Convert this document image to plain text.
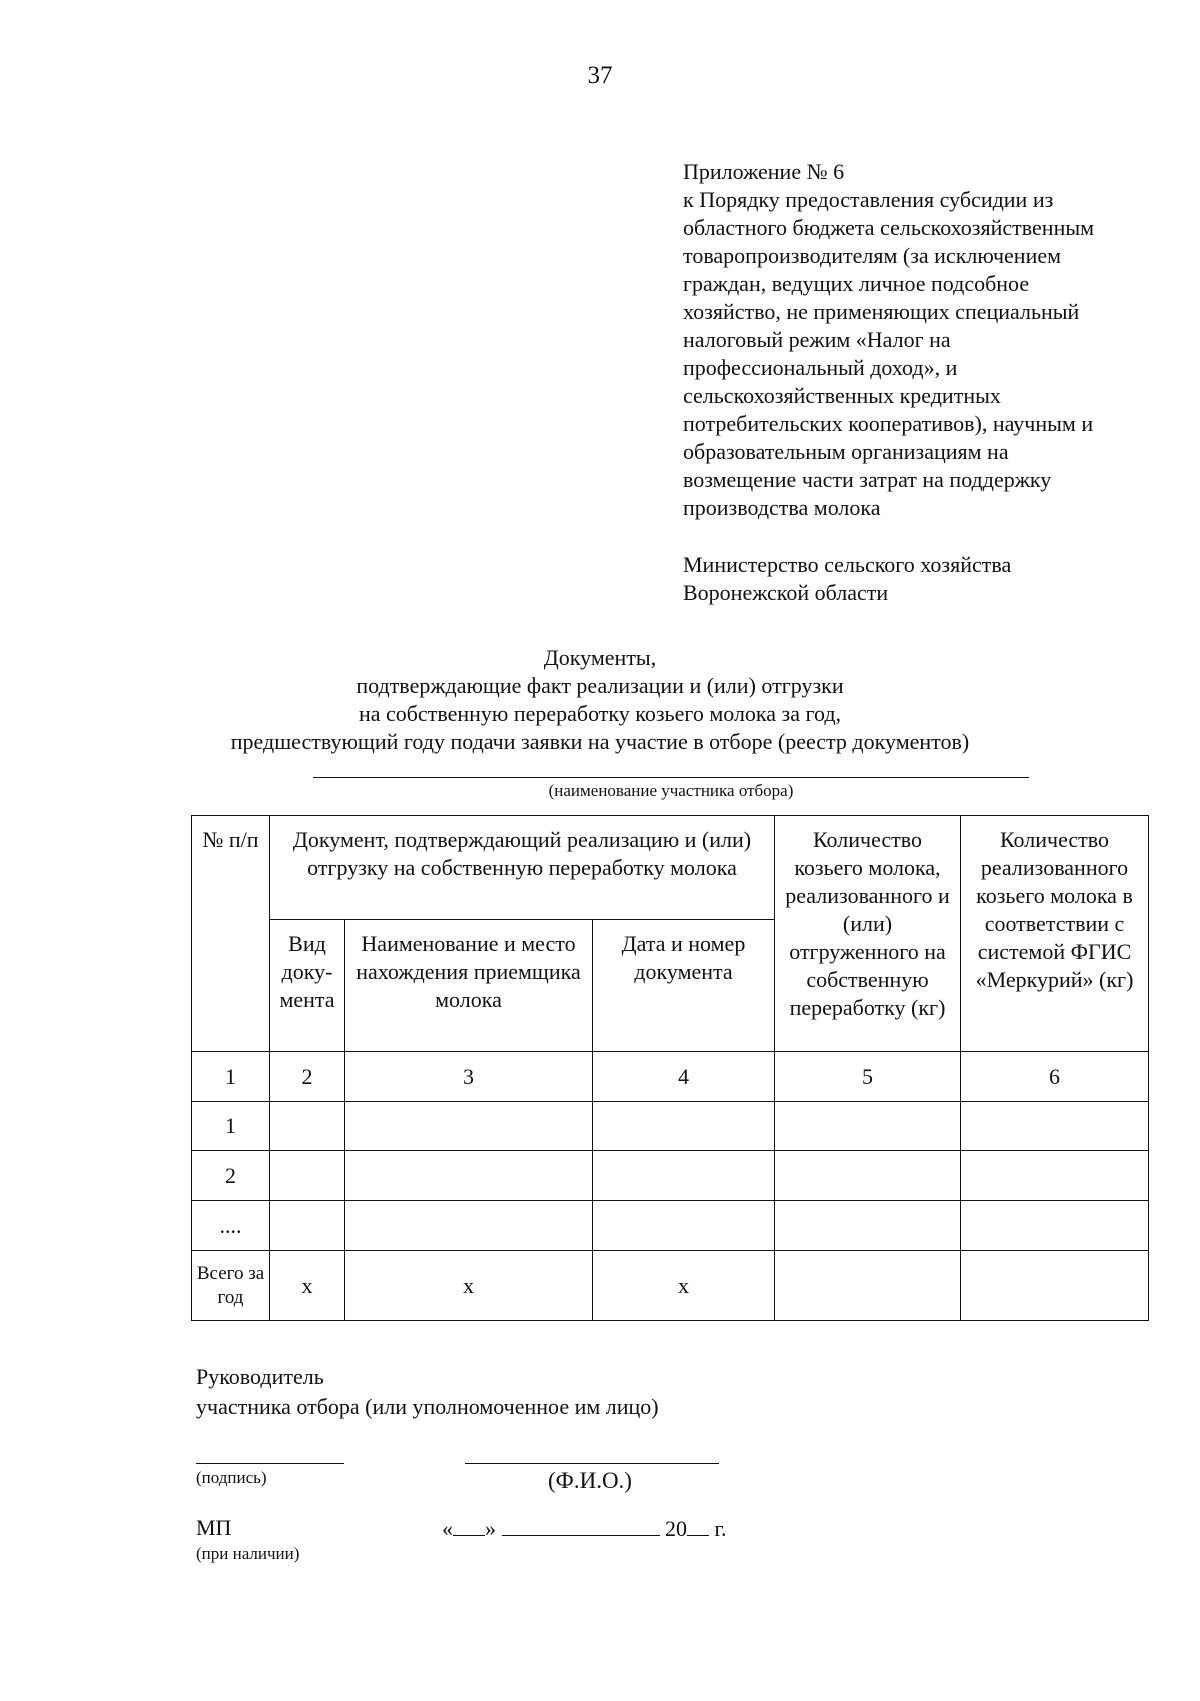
37
Приложение № 6
к Порядку предоставления субсидии из
областного бюджета сельскохозяйственным
товаропроизводителям (за исключением
граждан, ведущих личное подсобное
хозяйство, не применяющих специальный
налоговый режим «Налог на
профессиональный доход», и
сельскохозяйственных кредитных
потребительских кооперативов), научным и
образовательным организациям на
возмещение части затрат на поддержку
производства молока
Министерство сельского хозяйства
Воронежской области
Документы,
подтверждающие факт реализации и (или) отгрузки
на собственную переработку козьего молока за год,
предшествующий году подачи заявки на участие в отборе (реестр документов)
(наименование участника отбора)
№ п/п	Документ, подтверждающий реализацию и (или) отгрузку на собственную переработку молока			Количество козьего молока, реализованного и (или) отгруженного на собственную переработку (кг)	Количество реализованного козьего молока в соответствии с системой ФГИС «Меркурий» (кг)
	Вид доку- мента	Наименование и место нахождения приемщика молока	Дата и номер документа		
1	2	3	4	5	6
1					
2					
....					
Всего за год	х	х	х		
Руководитель
участника отбора (или уполномоченное им лицо)
(подпись)	(Ф.И.О.)
МП
(при наличии)
« »	20 г.
